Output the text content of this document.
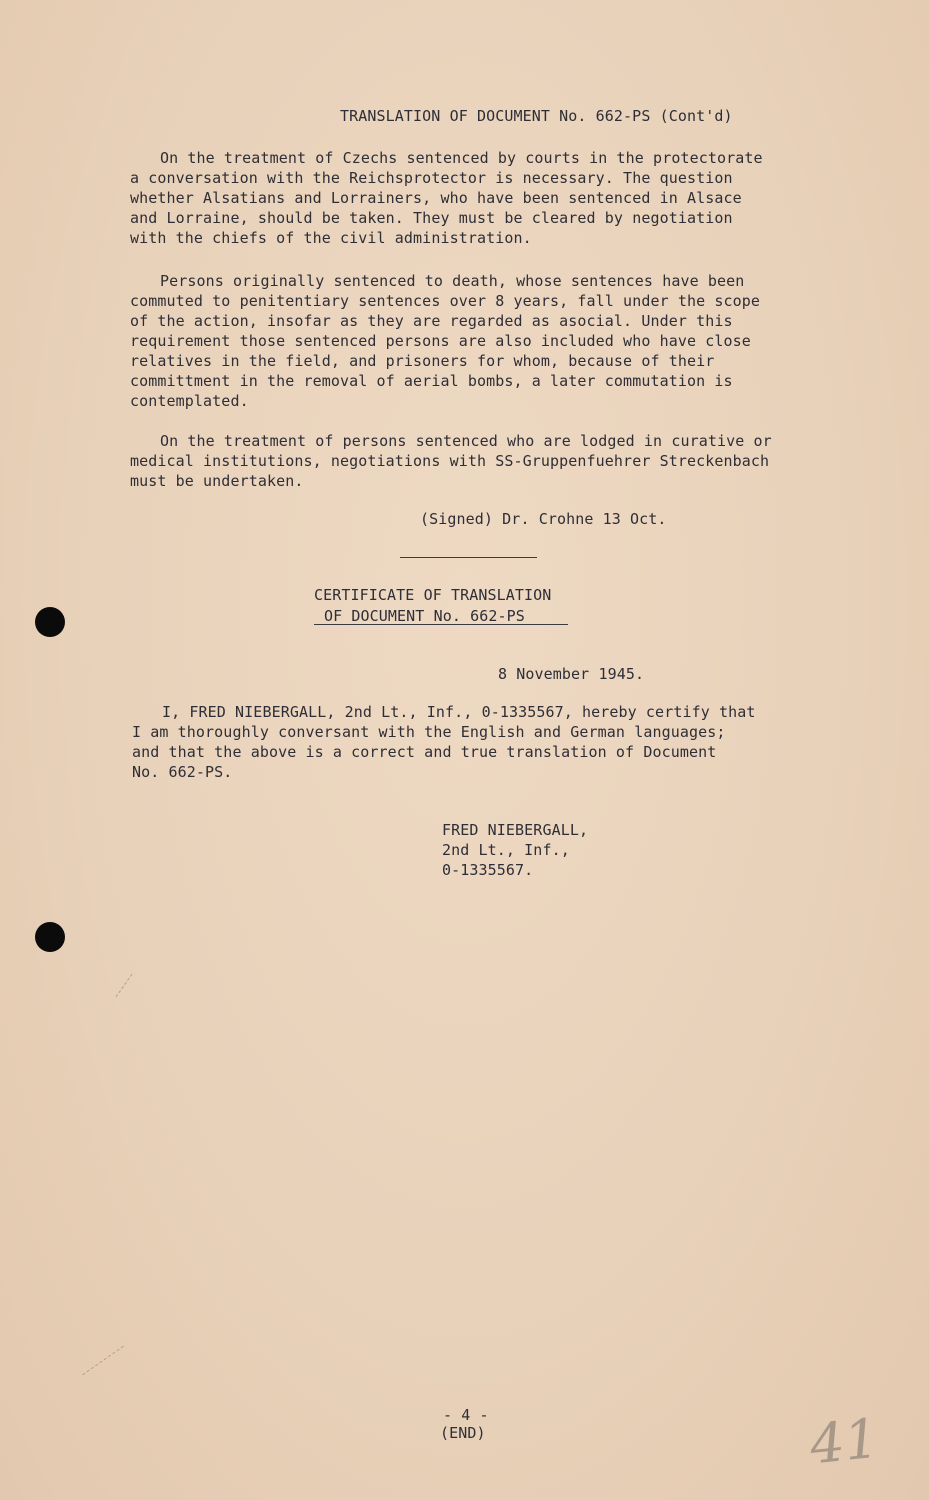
TRANSLATION OF DOCUMENT No. 662-PS (Cont'd)
On the treatment of Czechs sentenced by courts in the protectorate
a conversation with the Reichsprotector is necessary. The question
whether Alsatians and Lorrainers, who have been sentenced in Alsace
and Lorraine, should be taken. They must be cleared by negotiation
with the chiefs of the civil administration.
Persons originally sentenced to death, whose sentences have been
commuted to penitentiary sentences over 8 years, fall under the scope
of the action, insofar as they are regarded as asocial. Under this
requirement those sentenced persons are also included who have close
relatives in the field, and prisoners for whom, because of their
committment in the removal of aerial bombs, a later commutation is
contemplated.
On the treatment of persons sentenced who are lodged in curative or
medical institutions, negotiations with SS-Gruppenfuehrer Streckenbach
must be undertaken.
(Signed) Dr. Crohne 13 Oct.
CERTIFICATE OF TRANSLATION
OF DOCUMENT No. 662-PS
8 November 1945.
I, FRED NIEBERGALL, 2nd Lt., Inf., 0-1335567, hereby certify that
I am thoroughly conversant with the English and German languages;
and that the above is a correct and true translation of Document
No. 662-PS.
FRED NIEBERGALL,
2nd Lt., Inf.,
0-1335567.
- 4 -
(END)	41
